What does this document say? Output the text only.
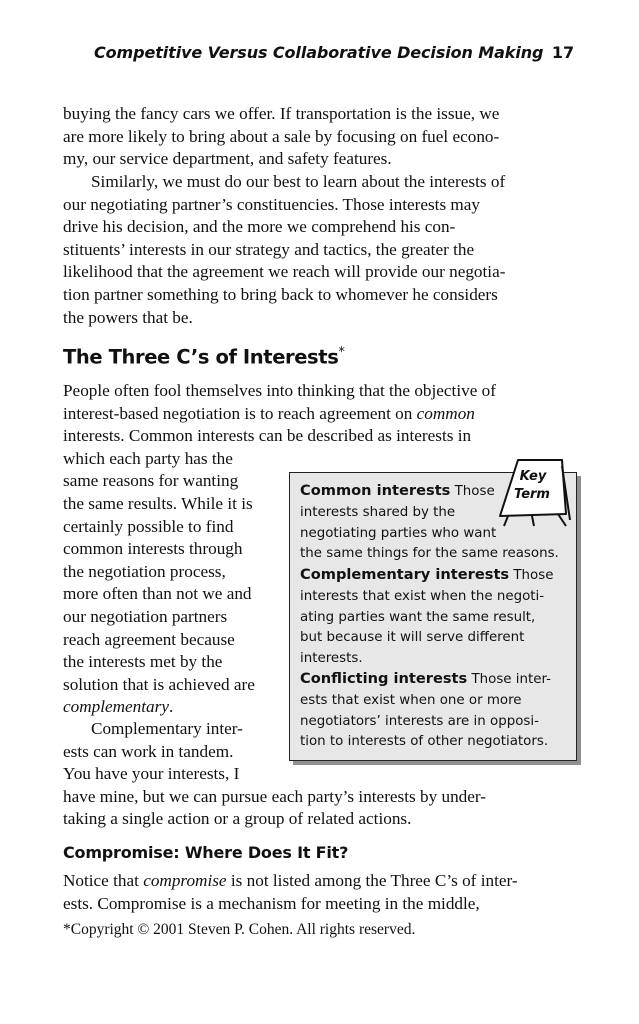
Competitive Versus Collaborative Decision Making 17

buying the fancy cars we offer. If transportation is the issue, we
are more likely to bring about a sale by focusing on fuel econo-
my, our service department, and safety features.

Similarly, we must do our best to learn about the interests of
our negotiating partner’s constituencies. Those interests may
drive his decision, and the more we comprehend his con-
stituents’ interests in our strategy and tactics, the greater the
likelihood that the agreement we reach will provide our negotia-
tion partner something to bring back to whomever he considers
the powers that be.

The Three C’s of Interests*

People often fool themselves into thinking that the objective of
interest-based negotiation is to reach agreement on common
interests. Common interests can be described as interests in
which each party has the
same reasons for wanting
the same results. While it is
certainly possible to find
common interests through
the negotiation process,
more often than not we and
our negotiation partners
reach agreement because
the interests met by the
solution that is achieved are
complementary.

Complementary inter-
ests can work in tandem.
You have your interests, I
have mine, but we can pursue each party’s interests by under-
taking a single action or a group of related actions.

Common interests Those
interests shared by the
negotiating parties who want
the same things for the same reasons.
Complementary interests Those
interests that exist when the negoti-
ating parties want the same result,
but because it will serve different
interests.
Conflicting interests Those inter-
ests that exist when one or more
negotiators’ interests are in opposi-
tion to interests of other negotiators.
Key
Term
Compromise: Where Does It Fit?

Notice that compromise is not listed among the Three C’s of inter-
ests. Compromise is a mechanism for meeting in the middle,

*Copyright © 2001 Steven P. Cohen. All rights reserved.
